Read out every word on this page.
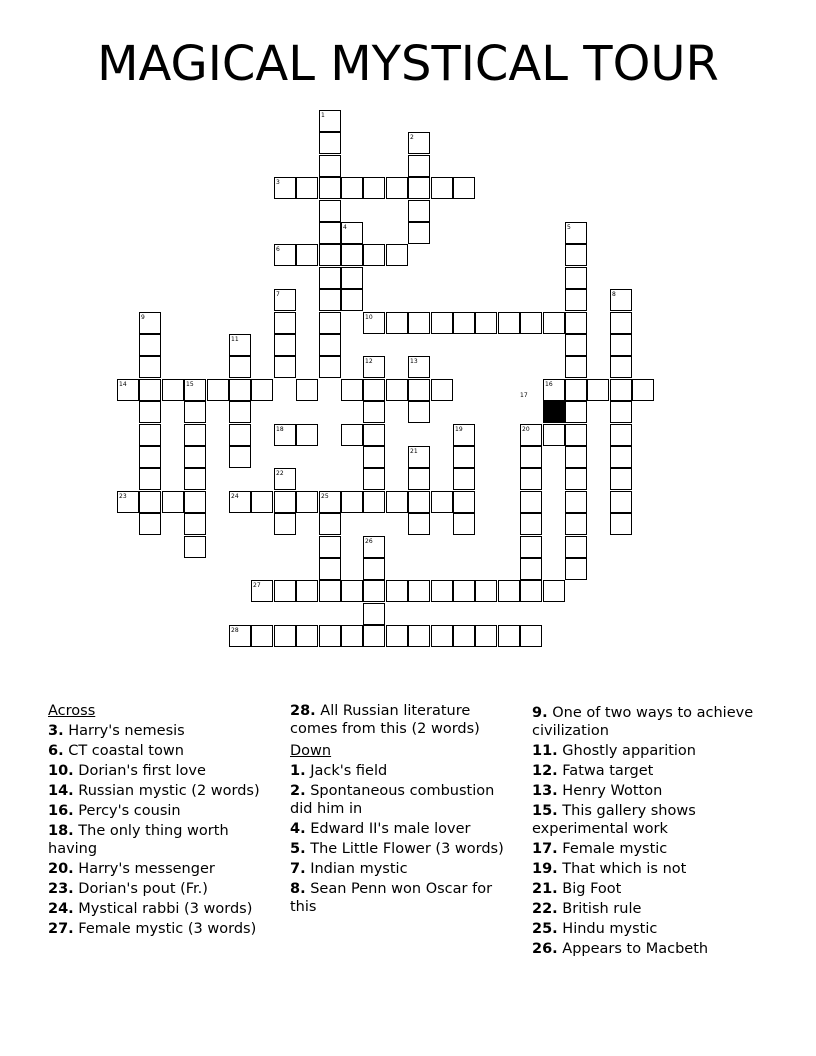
MAGICAL MYSTICAL TOUR
1
2
3
4	5
6
7	8
9	10
11
12	13
14	15	16
17
20
18	19
21
22
23	24	25
26
27
28

Across

3. Harry's nemesis

6. CT coastal town

10. Dorian's first love

14. Russian mystic (2 words)

16. Percy's cousin

18. The only thing worth having

20. Harry's messenger

23. Dorian's pout (Fr.)

24. Mystical rabbi (3 words)

27. Female mystic (3 words)

28. All Russian literature comes from this (2 words)

Down

1. Jack's field

2. Spontaneous combustion did him in

4. Edward II's male lover

5. The Little Flower (3 words)

7. Indian mystic

8. Sean Penn won Oscar for this

9. One of two ways to achieve civilization

11. Ghostly apparition

12. Fatwa target

13. Henry Wotton

15. This gallery shows experimental work

17. Female mystic

19. That which is not

21. Big Foot

22. British rule

25. Hindu mystic

26. Appears to Macbeth
